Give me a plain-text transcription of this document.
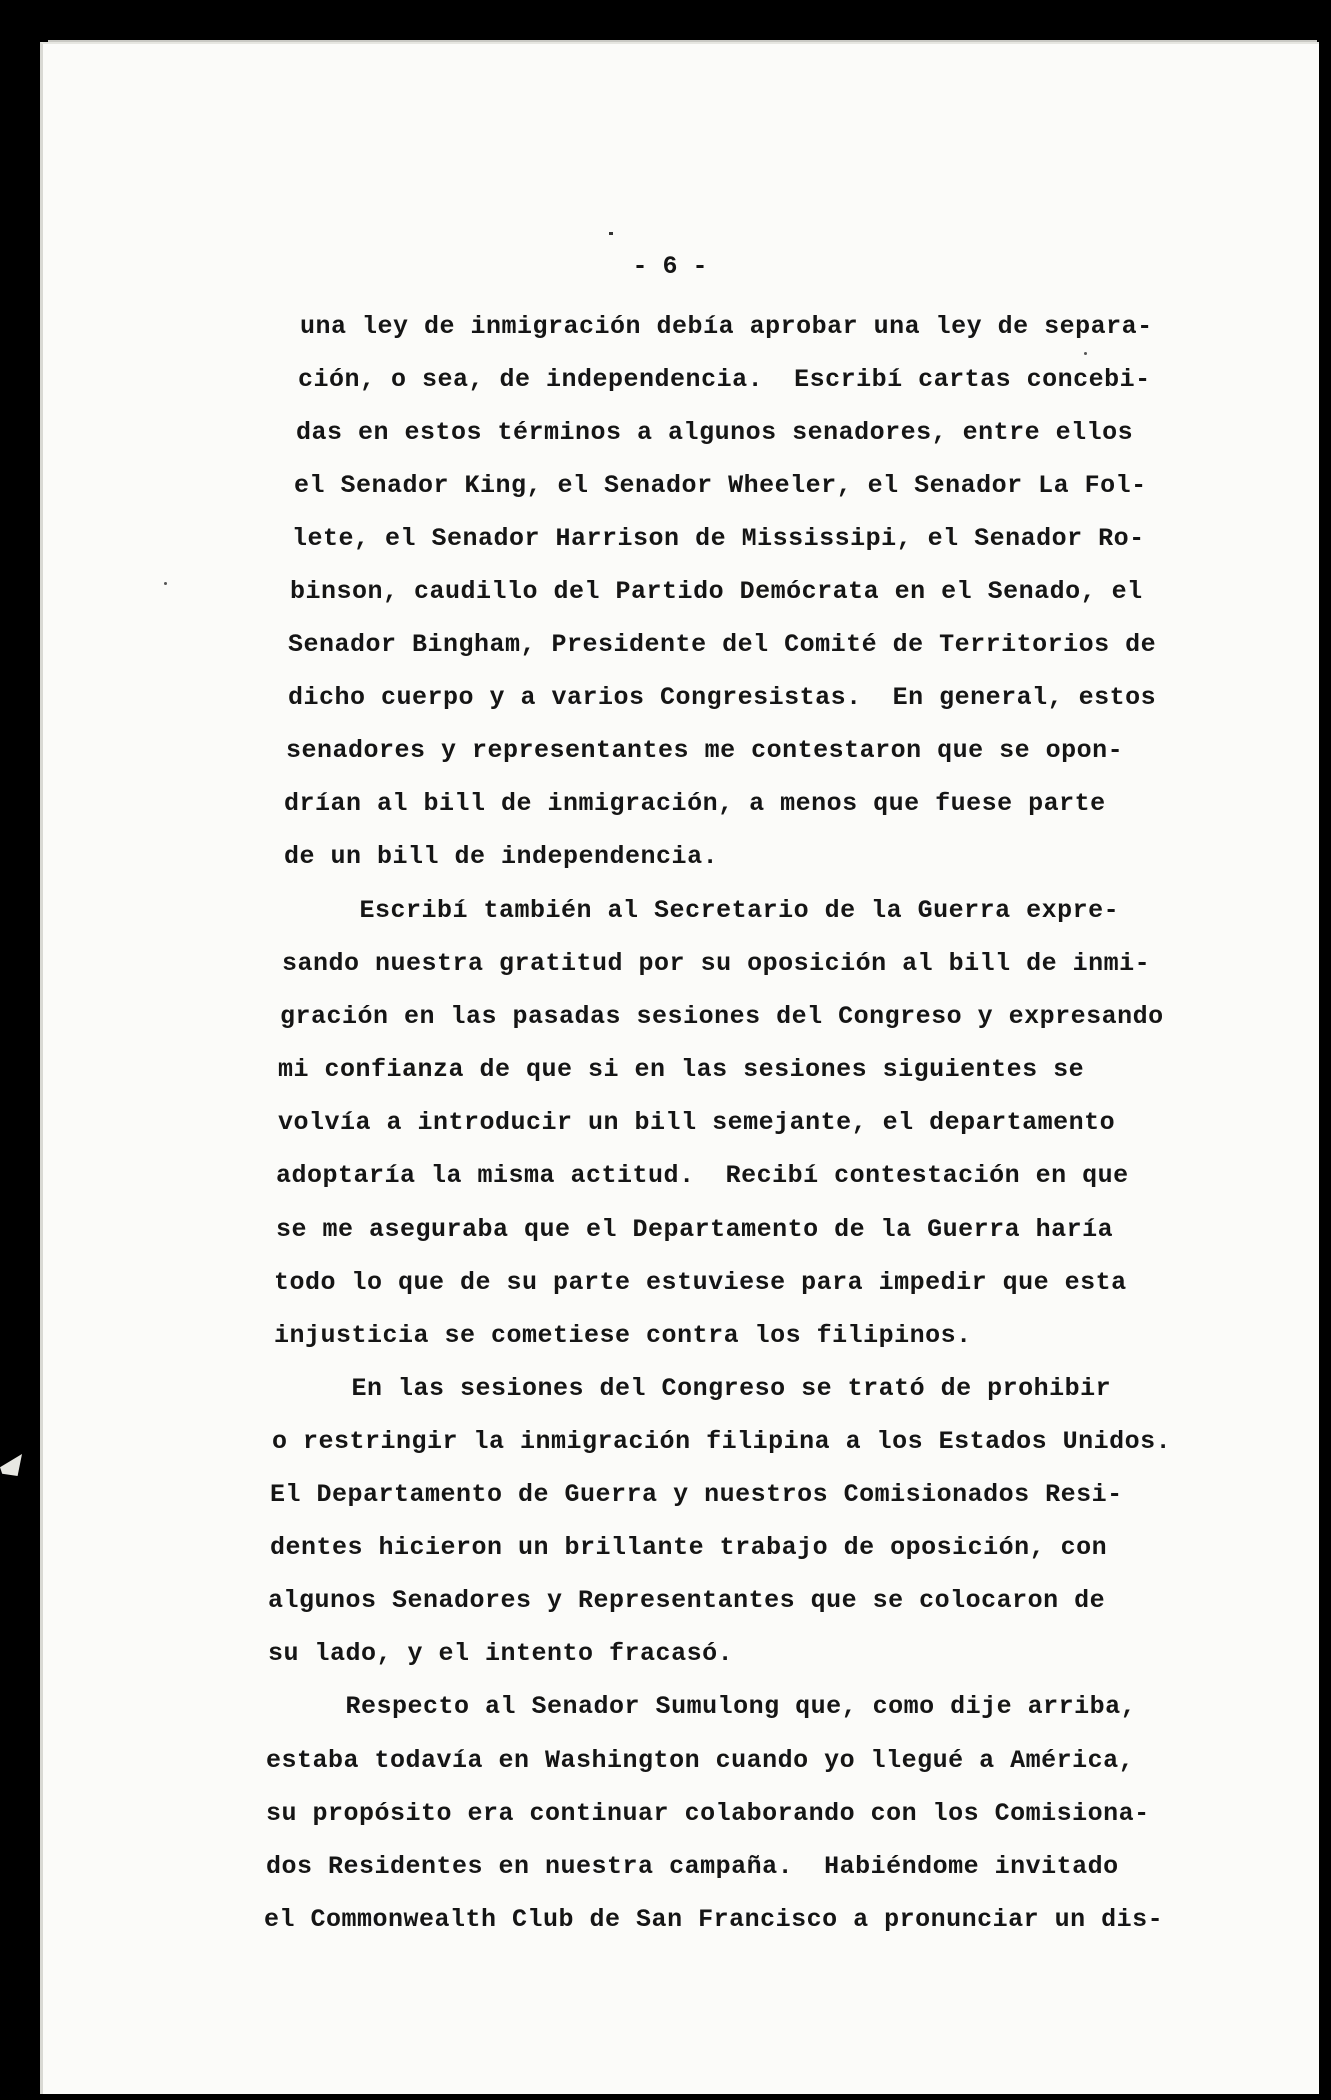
- 6 -
una ley de inmigración debía aprobar una ley de separa-
ción, o sea, de independencia.  Escribí cartas concebi-
das en estos términos a algunos senadores, entre ellos
el Senador King, el Senador Wheeler, el Senador La Fol-
lete, el Senador Harrison de Mississipi, el Senador Ro-
binson, caudillo del Partido Demócrata en el Senado, el
Senador Bingham, Presidente del Comité de Territorios de
dicho cuerpo y a varios Congresistas.  En general, estos
senadores y representantes me contestaron que se opon-
drían al bill de inmigración, a menos que fuese parte
de un bill de independencia.
Escribí también al Secretario de la Guerra expre-
sando nuestra gratitud por su oposición al bill de inmi-
gración en las pasadas sesiones del Congreso y expresando
mi confianza de que si en las sesiones siguientes se
volvía a introducir un bill semejante, el departamento
adoptaría la misma actitud.  Recibí contestación en que
se me aseguraba que el Departamento de la Guerra haría
todo lo que de su parte estuviese para impedir que esta
injusticia se cometiese contra los filipinos.
En las sesiones del Congreso se trató de prohibir
o restringir la inmigración filipina a los Estados Unidos.
El Departamento de Guerra y nuestros Comisionados Resi-
dentes hicieron un brillante trabajo de oposición, con
algunos Senadores y Representantes que se colocaron de
su lado, y el intento fracasó.
Respecto al Senador Sumulong que, como dije arriba,
estaba todavía en Washington cuando yo llegué a América,
su propósito era continuar colaborando con los Comisiona-
dos Residentes en nuestra campaña.  Habiéndome invitado
el Commonwealth Club de San Francisco a pronunciar un dis-
